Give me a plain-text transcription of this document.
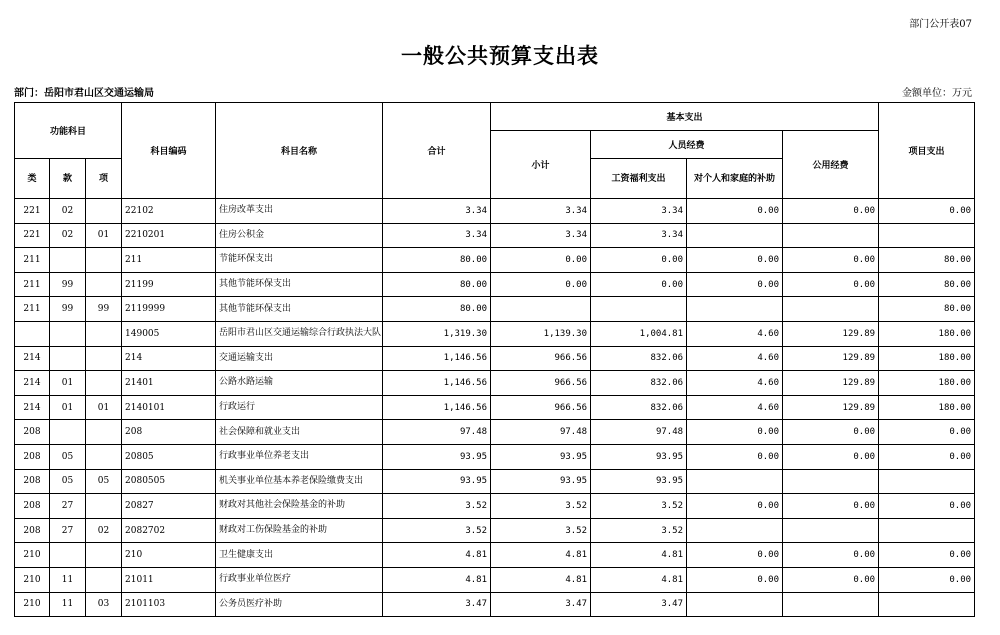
部门公开表07
一般公共预算支出表
部门：岳阳市君山区交通运输局	金额单位：万元
功能科目			科目编码	科目名称	合计	基本支出				项目支出
						小计	人员经费		公用经费	
类	款	项					工资福利支出	对个人和家庭的补助		
221	02		22102	住房改革支出	3.34	3.34	3.34	0.00	0.00	0.00
221	02	01	2210201	住房公积金	3.34	3.34	3.34			
211			211	节能环保支出	80.00	0.00	0.00	0.00	0.00	80.00
211	99		21199	其他节能环保支出	80.00	0.00	0.00	0.00	0.00	80.00
211	99	99	2119999	其他节能环保支出	80.00					80.00
			149005	岳阳市君山区交通运输综合行政执法大队	1,319.30	1,139.30	1,004.81	4.60	129.89	180.00
214			214	交通运输支出	1,146.56	966.56	832.06	4.60	129.89	180.00
214	01		21401	公路水路运输	1,146.56	966.56	832.06	4.60	129.89	180.00
214	01	01	2140101	行政运行	1,146.56	966.56	832.06	4.60	129.89	180.00
208			208	社会保障和就业支出	97.48	97.48	97.48	0.00	0.00	0.00
208	05		20805	行政事业单位养老支出	93.95	93.95	93.95	0.00	0.00	0.00
208	05	05	2080505	机关事业单位基本养老保险缴费支出	93.95	93.95	93.95			
208	27		20827	财政对其他社会保险基金的补助	3.52	3.52	3.52	0.00	0.00	0.00
208	27	02	2082702	财政对工伤保险基金的补助	3.52	3.52	3.52			
210			210	卫生健康支出	4.81	4.81	4.81	0.00	0.00	0.00
210	11		21011	行政事业单位医疗	4.81	4.81	4.81	0.00	0.00	0.00
210	11	03	2101103	公务员医疗补助	3.47	3.47	3.47			
